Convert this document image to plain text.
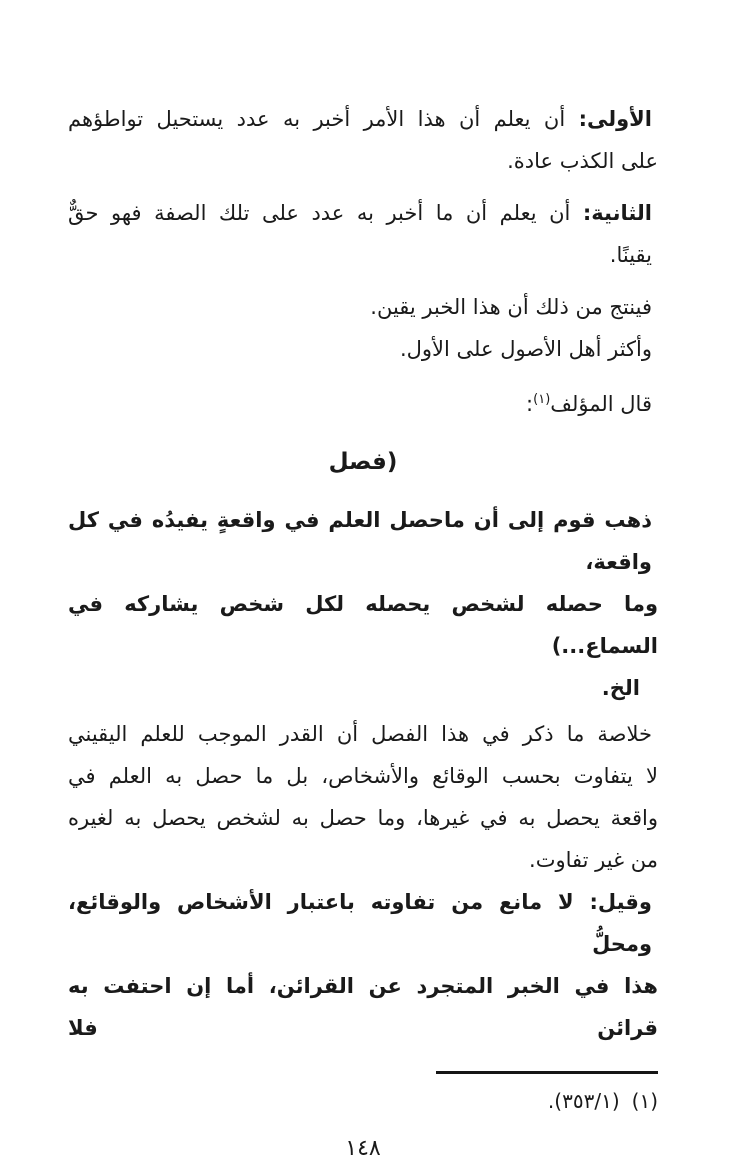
الأولى: أن يعلم أن هذا الأمر أخبر به عدد يستحيل تواطؤهم
على الكذب عادة.
الثانية: أن يعلم أن ما أخبر به عدد على تلك الصفة فهو حقٌّ
يقينًا.
فينتج من ذلك أن هذا الخبر يقين.
وأكثر أهل الأصول على الأول.
قال المؤلف$^{(١)}$:
(فصل
ذهب قوم إلى أن ماحصل العلم في واقعةٍ يفيدُه في كل واقعة،
وما حصله لشخص يحصله لكل شخص يشاركه في السماع...)
الخ.
خلاصة ما ذكر في هذا الفصل أن القدر الموجب للعلم اليقيني
لا يتفاوت بحسب الوقائع والأشخاص، بل ما حصل به العلم في
واقعة يحصل به في غيرها، وما حصل به لشخص يحصل به لغيره
من غير تفاوت.
وقيل: لا مانع من تفاوته باعتبار الأشخاص والوقائع، ومحلُّ
هذا في الخبر المتجرد عن القرائن، أما إن احتفت به قرائن فلا
(١)(١‏/‏٣٥٣).
١٤٨
